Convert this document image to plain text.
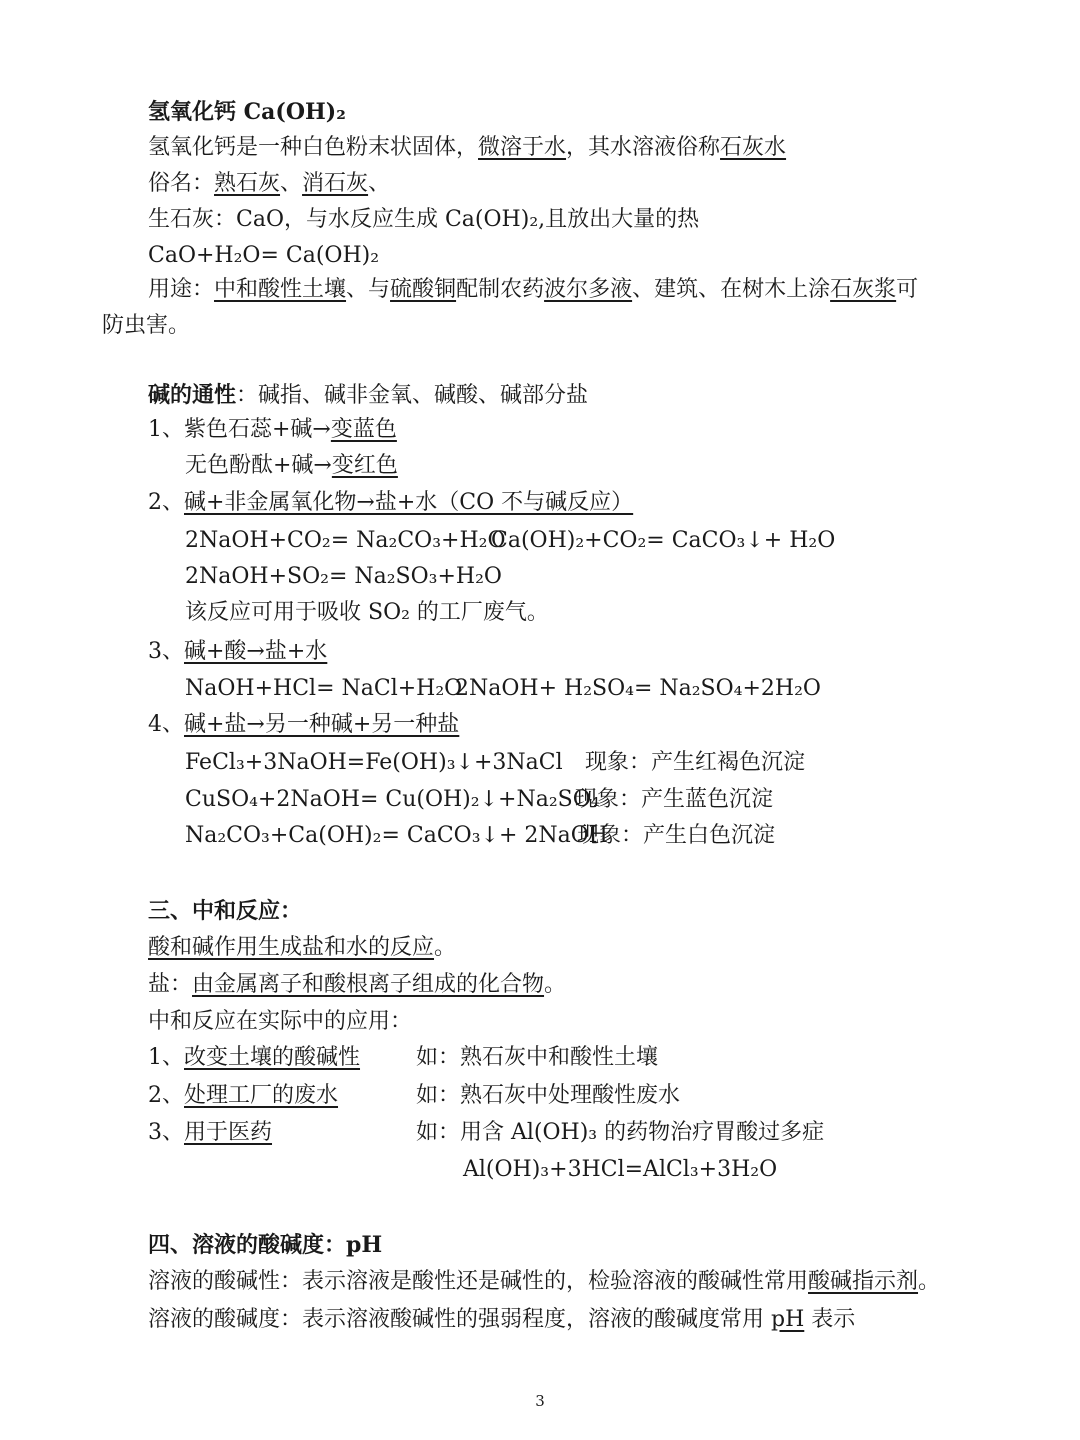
氢氧化钙 Ca(OH)₂
氢氧化钙是一种白色粉末状固体，微溶于水，其水溶液俗称石灰水
俗名：熟石灰、消石灰、
生石灰：CaO，与水反应生成 Ca(OH)₂,且放出大量的热
CaO+H₂O= Ca(OH)₂
用途：中和酸性土壤、与硫酸铜配制农药波尔多液、建筑、在树木上涂石灰浆可
防虫害。
碱的通性：碱指、碱非金氧、碱酸、碱部分盐
1、紫色石蕊+碱→变蓝色
无色酚酞+碱→变红色
2、碱+非金属氧化物→盐+水（CO 不与碱反应）
2NaOH+CO₂= Na₂CO₃+H₂O
Ca(OH)₂+CO₂= CaCO₃↓+ H₂O
2NaOH+SO₂= Na₂SO₃+H₂O
该反应可用于吸收 SO₂ 的工厂废气。
3、碱+酸→盐+水
NaOH+HCl= NaCl+H₂O
2NaOH+ H₂SO₄= Na₂SO₄+2H₂O
4、碱+盐→另一种碱+另一种盐
FeCl₃+3NaOH=Fe(OH)₃↓+3NaCl 现象：产生红褐色沉淀
CuSO₄+2NaOH= Cu(OH)₂↓+Na₂SO₄
现象：产生蓝色沉淀
Na₂CO₃+Ca(OH)₂= CaCO₃↓+ 2NaOH
现象：产生白色沉淀
三、中和反应：
酸和碱作用生成盐和水的反应。
盐：由金属离子和酸根离子组成的化合物。
中和反应在实际中的应用：
1、改变土壤的酸碱性	如：熟石灰中和酸性土壤
2、处理工厂的废水	如：熟石灰中处理酸性废水
3、用于医药	如：用含 Al(OH)₃ 的药物治疗胃酸过多症
Al(OH)₃+3HCl=AlCl₃+3H₂O
四、溶液的酸碱度：pH
溶液的酸碱性：表示溶液是酸性还是碱性的，检验溶液的酸碱性常用酸碱指示剂。
溶液的酸碱度：表示溶液酸碱性的强弱程度，溶液的酸碱度常用 pH 表示
3
